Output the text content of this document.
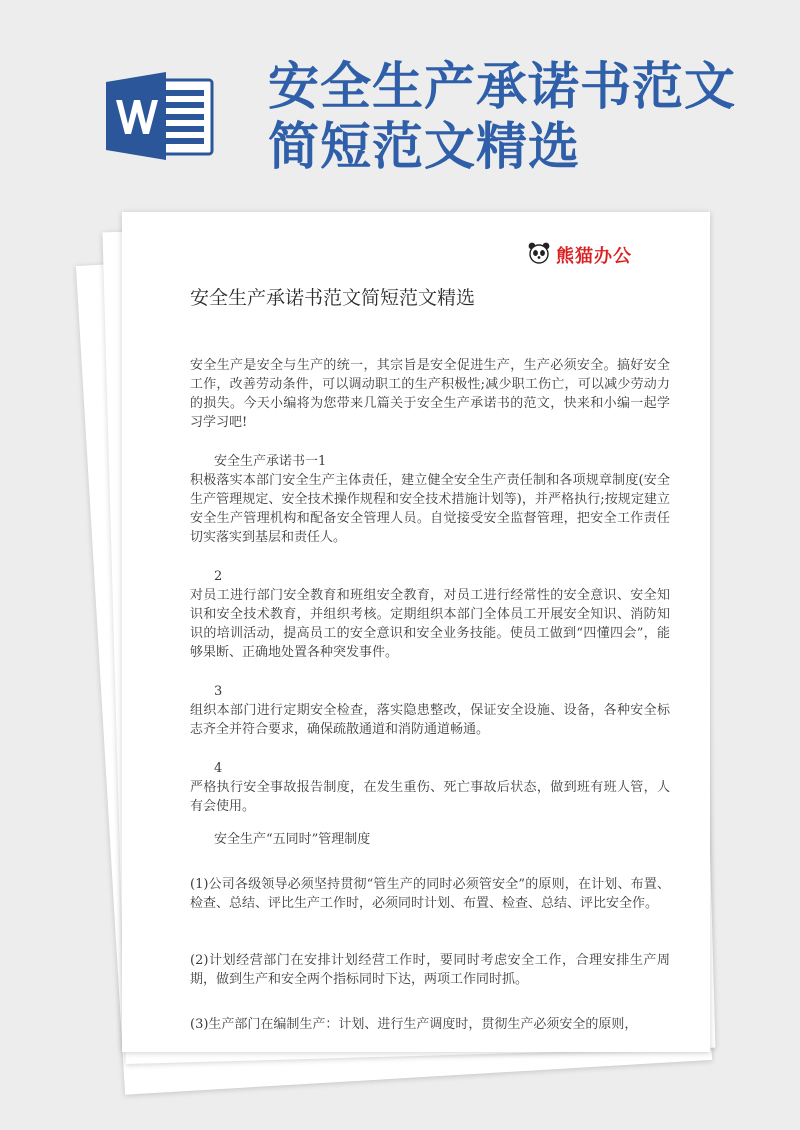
安全生产承诺书范文简短范文精选
熊猫办公
安全生产承诺书范文简短范文精选

安全生产是安全与生产的统一，其宗旨是安全促进生产，生产必须安全。搞好安全工作，改善劳动条件，可以调动职工的生产积极性;减少职工伤亡，可以减少劳动力的损失。今天小编将为您带来几篇关于安全生产承诺书的范文，快来和小编一起学习学习吧!

安全生产承诺书一1

积极落实本部门安全生产主体责任，建立健全安全生产责任制和各项规章制度(安全生产管理规定、安全技术操作规程和安全技术措施计划等)，并严格执行;按规定建立安全生产管理机构和配备安全管理人员。自觉接受安全监督管理，把安全工作责任切实落实到基层和责任人。

2

对员工进行部门安全教育和班组安全教育，对员工进行经常性的安全意识、安全知识和安全技术教育，并组织考核。定期组织本部门全体员工开展安全知识、消防知识的培训活动，提高员工的安全意识和安全业务技能。使员工做到“四懂四会”，能够果断、正确地处置各种突发事件。

3

组织本部门进行定期安全检查，落实隐患整改，保证安全设施、设备，各种安全标志齐全并符合要求，确保疏散通道和消防通道畅通。

4

严格执行安全事故报告制度，在发生重伤、死亡事故后状态，做到班有班人管，人有会使用。

安全生产“五同时”管理制度

(1)公司各级领导必须坚持贯彻“管生产的同时必须管安全”的原则，在计划、布置、检查、总结、评比生产工作时，必须同时计划、布置、检查、总结、评比安全作。

(2)计划经营部门在安排计划经营工作时，要同时考虑安全工作，合理安排生产周期，做到生产和安全两个指标同时下达，两项工作同时抓。

(3)生产部门在编制生产：计划、进行生产调度时，贯彻生产必须安全的原则，
